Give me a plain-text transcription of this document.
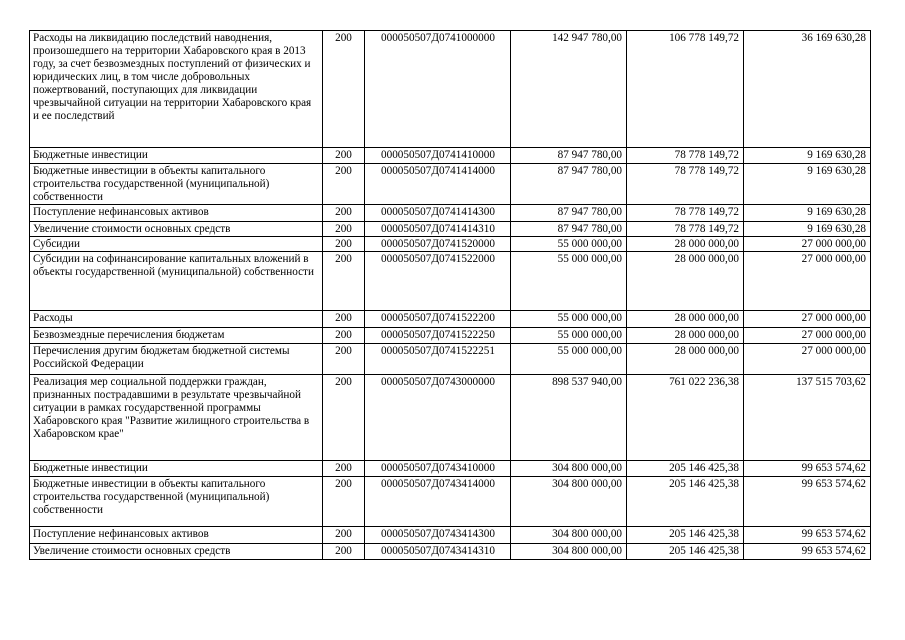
Расходы на ликвидацию последствий наводнения, произошедшего на территории Хабаровского края в 2013 году, за счет безвозмездных поступлений от физических и юридических лиц, в том числе добровольных пожертвований, поступающих для ликвидации чрезвычайной ситуации на территории Хабаровского края и ее последствий	200	000050507Д0741000000	142 947 780,00	106 778 149,72	36 169 630,28
Бюджетные инвестиции	200	000050507Д0741410000	87 947 780,00	78 778 149,72	9 169 630,28
Бюджетные инвестиции в объекты капитального строительства государственной (муниципальной) собственности	200	000050507Д0741414000	87 947 780,00	78 778 149,72	9 169 630,28
Поступление нефинансовых активов	200	000050507Д0741414300	87 947 780,00	78 778 149,72	9 169 630,28
Увеличение стоимости основных средств	200	000050507Д0741414310	87 947 780,00	78 778 149,72	9 169 630,28
Субсидии	200	000050507Д0741520000	55 000 000,00	28 000 000,00	27 000 000,00
Субсидии на софинансирование капитальных вложений в объекты государственной (муниципальной) собственности	200	000050507Д0741522000	55 000 000,00	28 000 000,00	27 000 000,00
Расходы	200	000050507Д0741522200	55 000 000,00	28 000 000,00	27 000 000,00
Безвозмездные перечисления бюджетам	200	000050507Д0741522250	55 000 000,00	28 000 000,00	27 000 000,00
Перечисления другим бюджетам бюджетной системы Российской Федерации	200	000050507Д0741522251	55 000 000,00	28 000 000,00	27 000 000,00
Реализация мер социальной поддержки граждан, признанных пострадавшими в результате чрезвычайной ситуации в рамках государственной программы Хабаровского края "Развитие жилищного строительства в Хабаровском крае"	200	000050507Д0743000000	898 537 940,00	761 022 236,38	137 515 703,62
Бюджетные инвестиции	200	000050507Д0743410000	304 800 000,00	205 146 425,38	99 653 574,62
Бюджетные инвестиции в объекты капитального строительства государственной (муниципальной) собственности	200	000050507Д0743414000	304 800 000,00	205 146 425,38	99 653 574,62
Поступление нефинансовых активов	200	000050507Д0743414300	304 800 000,00	205 146 425,38	99 653 574,62
Увеличение стоимости основных средств	200	000050507Д0743414310	304 800 000,00	205 146 425,38	99 653 574,62
